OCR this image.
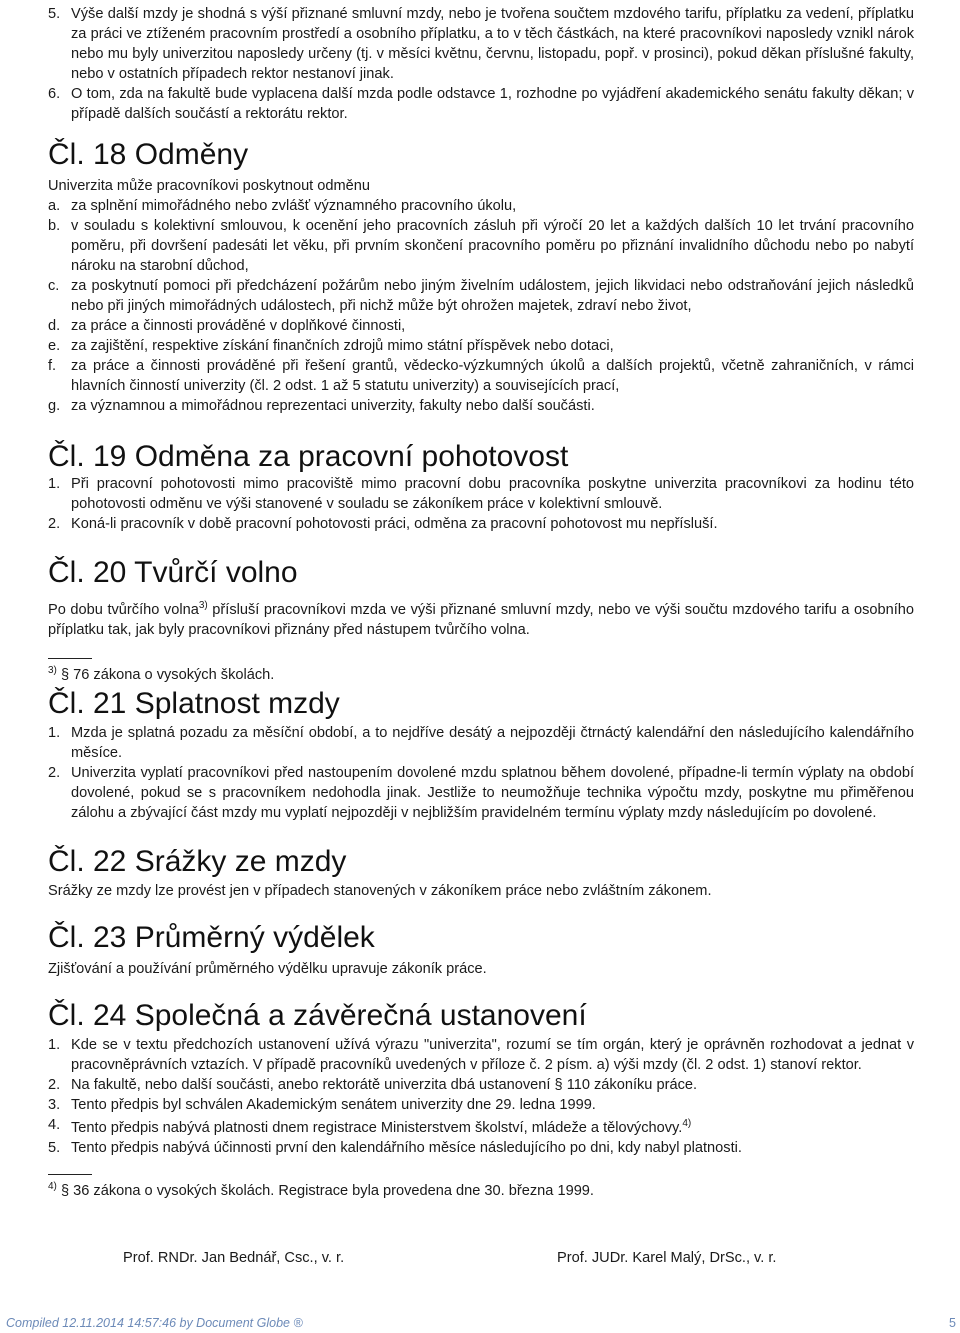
5. Výše další mzdy je shodná s výší přiznané smluvní mzdy, nebo je tvořena součtem mzdového tarifu, příplatku za vedení, příplatku za práci ve ztíženém pracovním prostředí a osobního příplatku, a to v těch částkách, na které pracovníkovi naposledy vznikl nárok nebo mu byly univerzitou naposledy určeny (tj. v měsíci květnu, červnu, listopadu, popř. v prosinci), pokud děkan příslušné fakulty, nebo v ostatních případech rektor nestanoví jinak.
6. O tom, zda na fakultě bude vyplacena další mzda podle odstavce 1, rozhodne po vyjádření akademického senátu fakulty děkan; v případě dalších součástí a rektorátu rektor.
Čl. 18 Odměny
Univerzita může pracovníkovi poskytnout odměnu
a. za splnění mimořádného nebo zvlášť významného pracovního úkolu,
b. v souladu s kolektivní smlouvou, k ocenění jeho pracovních zásluh při výročí 20 let a každých dalších 10 let trvání pracovního poměru, při dovršení padesáti let věku, při prvním skončení pracovního poměru po přiznání invalidního důchodu nebo po nabytí nároku na starobní důchod,
c. za poskytnutí pomoci při předcházení požárům nebo jiným živelním událostem, jejich likvidaci nebo odstraňování jejich následků nebo při jiných mimořádných událostech, při nichž může být ohrožen majetek, zdraví nebo život,
d. za práce a činnosti prováděné v doplňkové činnosti,
e. za zajištění, respektive získání finančních zdrojů mimo státní příspěvek nebo dotaci,
f. za práce a činnosti prováděné při řešení grantů, vědecko-výzkumných úkolů a dalších projektů, včetně zahraničních, v rámci hlavních činností univerzity (čl. 2 odst. 1 až 5 statutu univerzity) a souvisejících prací,
g. za významnou a mimořádnou reprezentaci univerzity, fakulty nebo další součásti.
Čl. 19 Odměna za pracovní pohotovost
1. Při pracovní pohotovosti mimo pracoviště mimo pracovní dobu pracovníka poskytne univerzita pracovníkovi za hodinu této pohotovosti odměnu ve výši stanovené v souladu se zákoníkem práce v kolektivní smlouvě.
2. Koná-li pracovník v době pracovní pohotovosti práci, odměna za pracovní pohotovost mu nepřísluší.
Čl. 20 Tvůrčí volno
Po dobu tvůrčího volna$^{3)}$ přísluší pracovníkovi mzda ve výši přiznané smluvní mzdy, nebo ve výši součtu mzdového tarifu a osobního příplatku tak, jak byly pracovníkovi přiznány před nástupem tvůrčího volna.
$^{3)}$ § 76 zákona o vysokých školách.
Čl. 21 Splatnost mzdy
1. Mzda je splatná pozadu za měsíční období, a to nejdříve desátý a nejpozději čtrnáctý kalendářní den následujícího kalendářního měsíce.
2. Univerzita vyplatí pracovníkovi před nastoupením dovolené mzdu splatnou během dovolené, případne-li termín výplaty na období dovolené, pokud se s pracovníkem nedohodla jinak. Jestliže to neumožňuje technika výpočtu mzdy, poskytne mu přiměřenou zálohu a zbývající část mzdy mu vyplatí nejpozději v nejbližším pravidelném termínu výplaty mzdy následujícím po dovolené.
Čl. 22 Srážky ze mzdy
Srážky ze mzdy lze provést jen v případech stanovených v zákoníkem práce nebo zvláštním zákonem.
Čl. 23 Průměrný výdělek
Zjišťování a používání průměrného výdělku upravuje zákoník práce.
Čl. 24 Společná a závěrečná ustanovení
1. Kde se v textu předchozích ustanovení užívá výrazu "univerzita", rozumí se tím orgán, který je oprávněn rozhodovat a jednat v pracovněprávních vztazích. V případě pracovníků uvedených v příloze č. 2 písm. a) výši mzdy (čl. 2 odst. 1) stanoví rektor.
2. Na fakultě, nebo další součásti, anebo rektorátě univerzita dbá ustanovení § 110 zákoníku práce.
3. Tento předpis byl schválen Akademickým senátem univerzity dne 29. ledna 1999.
4. Tento předpis nabývá platnosti dnem registrace Ministerstvem školství, mládeže a tělovýchovy.$^{4)}$
5. Tento předpis nabývá účinnosti první den kalendářního měsíce následujícího po dni, kdy nabyl platnosti.
$^{4)}$ § 36 zákona o vysokých školách. Registrace byla provedena dne 30. března 1999.
Prof. RNDr. Jan Bednář, Csc., v. r.	Prof. JUDr. Karel Malý, DrSc., v. r.
Compiled 12.11.2014 14:57:46 by Document Globe ®	5
